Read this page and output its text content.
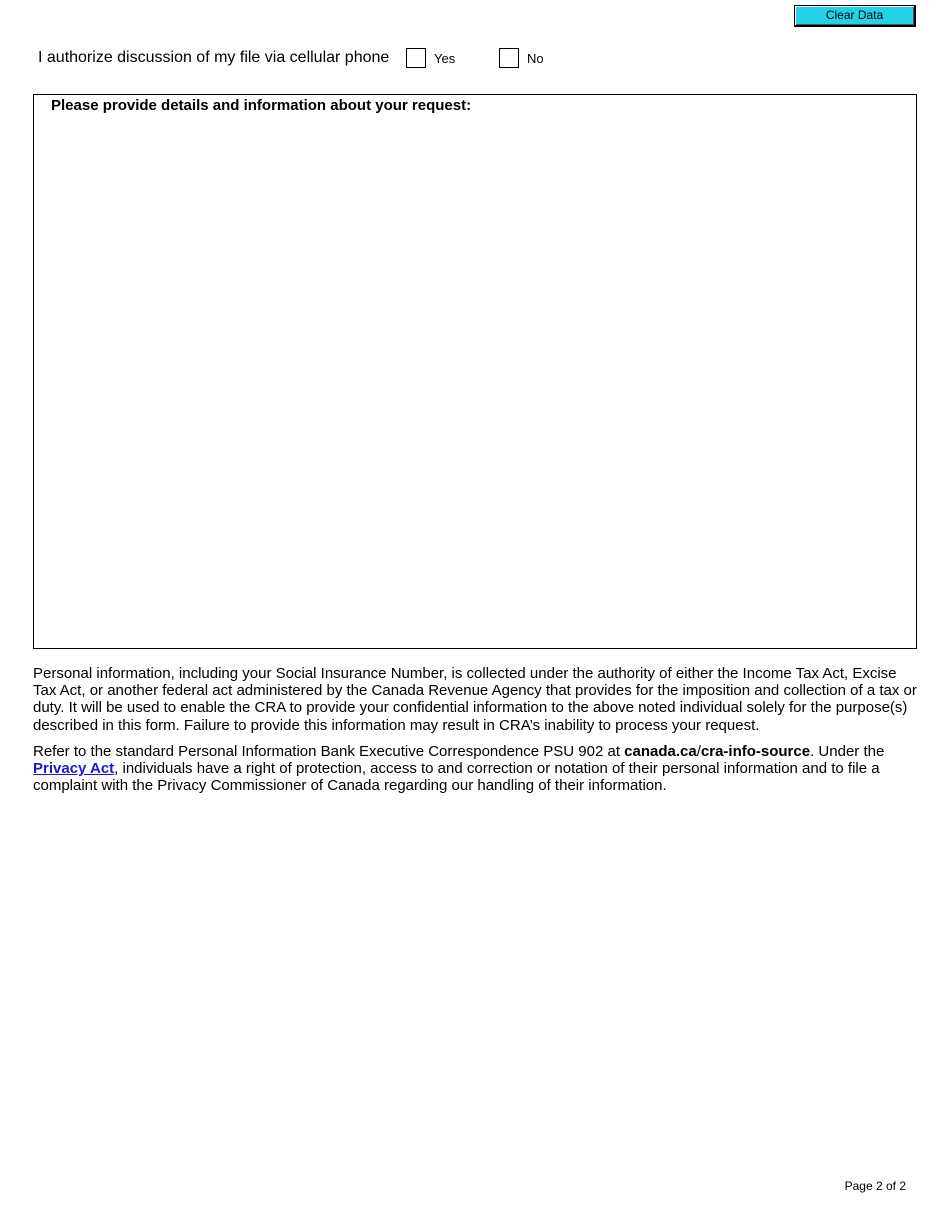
Clear Data
I authorize discussion of my file via cellular phone	Yes	No
Please provide details and information about your request:

Personal information, including your Social Insurance Number, is collected under the authority of either the Income Tax Act, Excise Tax Act, or another federal act administered by the Canada Revenue Agency that provides for the imposition and collection of a tax or duty. It will be used to enable the CRA to provide your confidential information to the above noted individual solely for the purpose(s) described in this form. Failure to provide this information may result in CRA’s inability to process your request.

Refer to the standard Personal Information Bank Executive Correspondence PSU 902 at canada.ca/cra-info-source. Under the Privacy Act, individuals have a right of protection, access to and correction or notation of their personal information and to file a complaint with the Privacy Commissioner of Canada regarding our handling of their information.

Page 2 of 2
